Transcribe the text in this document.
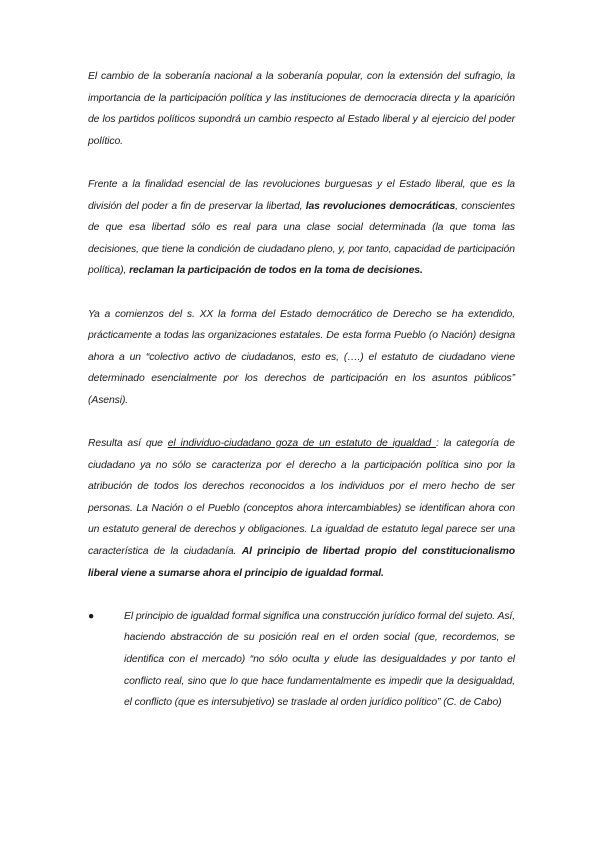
El cambio de la soberanía nacional a la soberanía popular, con la extensión del sufragio, la importancia de la participación política y las instituciones de democracia directa y la aparición de los partidos políticos supondrá un cambio respecto al Estado liberal y al ejercicio del poder político.

Frente a la finalidad esencial de las revoluciones burguesas y el Estado liberal, que es la división del poder a fin de preservar la libertad, las revoluciones democráticas, conscientes de que esa libertad sólo es real para una clase social determinada (la que toma las decisiones, que tiene la condición de ciudadano pleno, y, por tanto, capacidad de participación política), reclaman la participación de todos en la toma de decisiones.

Ya a comienzos del s. XX la forma del Estado democrático de Derecho se ha extendido, prácticamente a todas las organizaciones estatales. De esta forma Pueblo (o Nación) designa ahora a un “colectivo activo de ciudadanos, esto es, (….) el estatuto de ciudadano viene determinado esencialmente por los derechos de participación en los asuntos públicos” (Asensi).

Resulta así que el individuo-ciudadano goza de un estatuto de igualdad : la categoría de ciudadano ya no sólo se caracteriza por el derecho a la participación política sino por la atribución de todos los derechos reconocidos a los individuos por el mero hecho de ser personas. La Nación o el Pueblo (conceptos ahora intercambiables) se identifican ahora con un estatuto general de derechos y obligaciones. La igualdad de estatuto legal parece ser una característica de la ciudadanía. Al principio de libertad propio del constitucionalismo liberal viene a sumarse ahora el principio de igualdad formal.

●	El principio de igualdad formal significa una construcción jurídico formal del sujeto. Así, haciendo abstracción de su posición real en el orden social (que, recordemos, se identifica con el mercado) “no sólo oculta y elude las desigualdades y por tanto el conflicto real, sino que lo que hace fundamentalmente es impedir que la desigualdad, el conflicto (que es intersubjetivo) se traslade al orden jurídico político” (C. de Cabo)
